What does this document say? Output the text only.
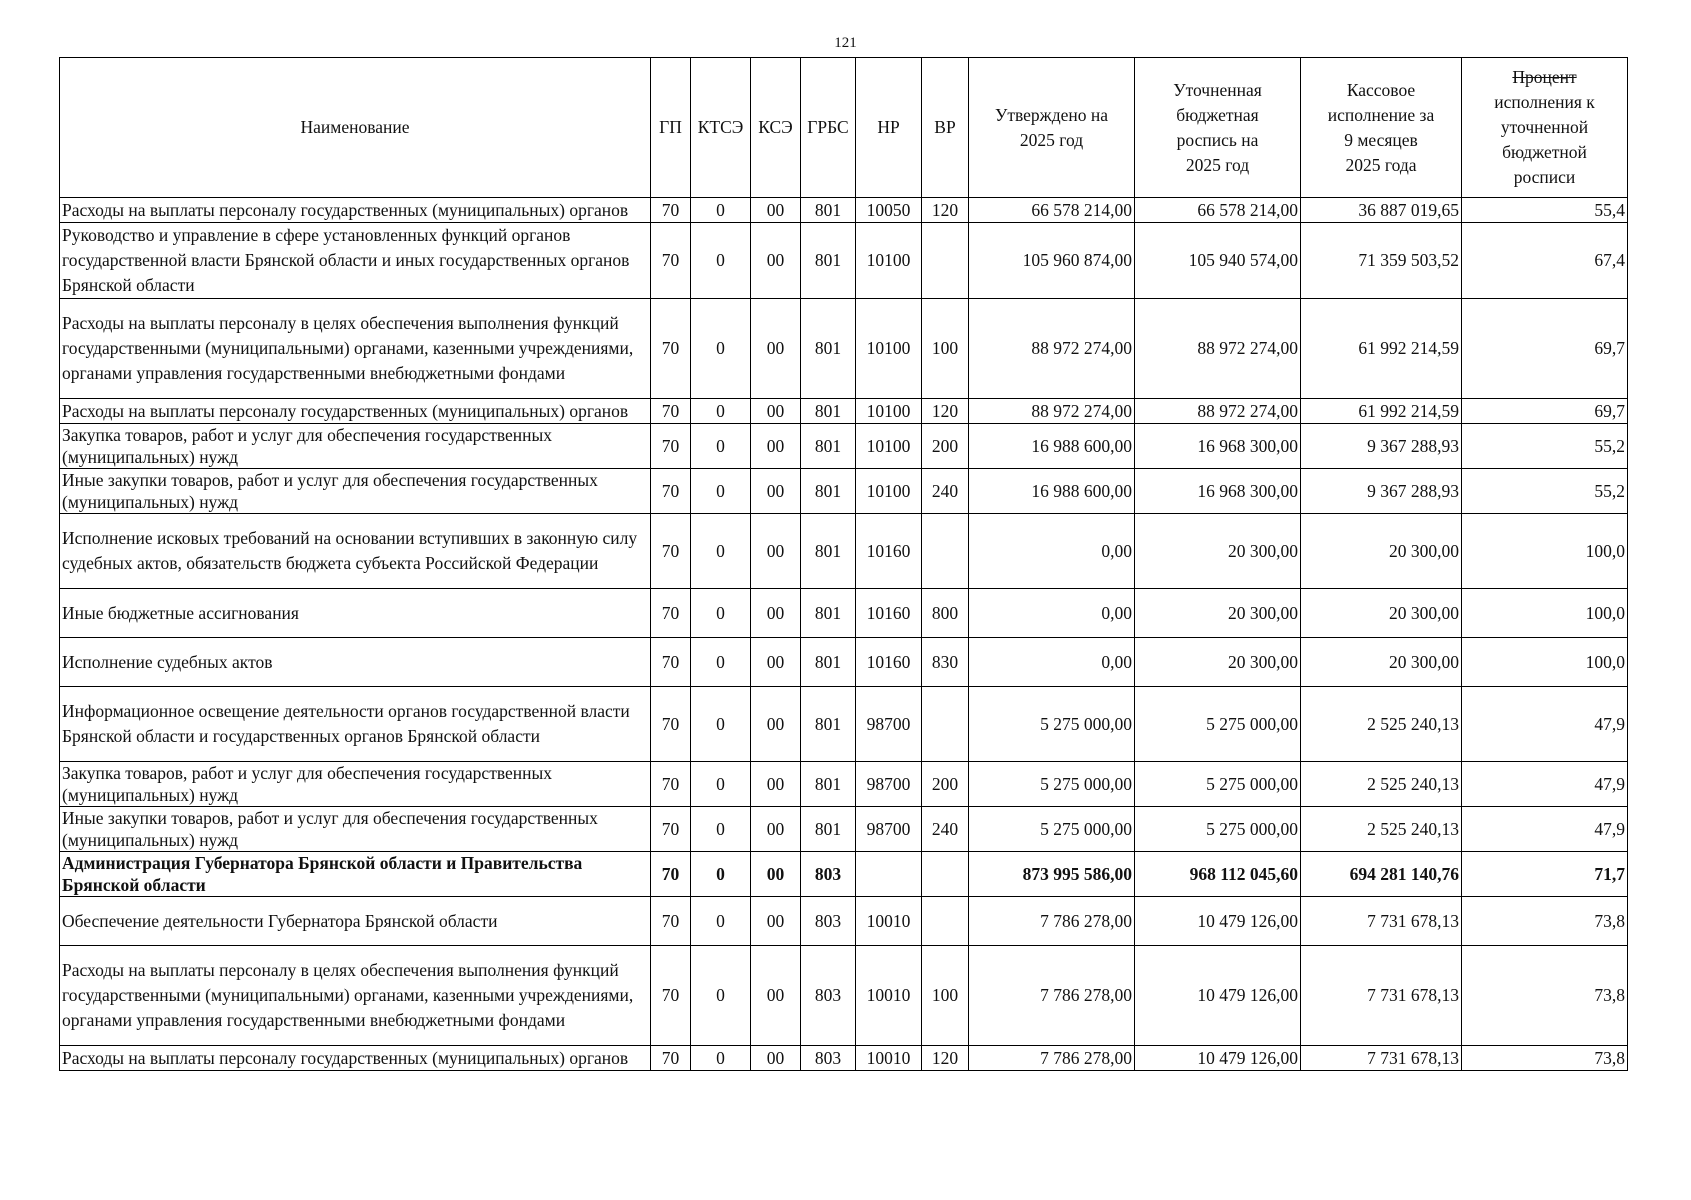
121
Наименование	ГП	КТСЭ	КСЭ	ГРБС	НР	ВР	Утверждено на 2025 год	Уточненная бюджетная роспись на 2025 год	Кассовое исполнение за 9 месяцев 2025 года	Процент исполнения к уточненной бюджетной росписи
Расходы на выплаты персоналу государственных (муниципальных) органов	70	0	00	801	10050	120	66 578 214,00	66 578 214,00	36 887 019,65	55,4
Руководство и управление в сфере установленных функций органов государственной власти Брянской области и иных государственных органов Брянской области	70	0	00	801	10100		105 960 874,00	105 940 574,00	71 359 503,52	67,4
Расходы на выплаты персоналу в целях обеспечения выполнения функций государственными (муниципальными) органами, казенными учреждениями, органами управления государственными внебюджетными фондами	70	0	00	801	10100	100	88 972 274,00	88 972 274,00	61 992 214,59	69,7
Расходы на выплаты персоналу государственных (муниципальных) органов	70	0	00	801	10100	120	88 972 274,00	88 972 274,00	61 992 214,59	69,7
Закупка товаров, работ и услуг для обеспечения государственных (муниципальных) нужд	70	0	00	801	10100	200	16 988 600,00	16 968 300,00	9 367 288,93	55,2
Иные закупки товаров, работ и услуг для обеспечения государственных (муниципальных) нужд	70	0	00	801	10100	240	16 988 600,00	16 968 300,00	9 367 288,93	55,2
Исполнение исковых требований на основании вступивших в законную силу судебных актов, обязательств бюджета субъекта Российской Федерации	70	0	00	801	10160		0,00	20 300,00	20 300,00	100,0
Иные бюджетные ассигнования	70	0	00	801	10160	800	0,00	20 300,00	20 300,00	100,0
Исполнение судебных актов	70	0	00	801	10160	830	0,00	20 300,00	20 300,00	100,0
Информационное освещение деятельности органов государственной власти Брянской области и государственных органов Брянской области	70	0	00	801	98700		5 275 000,00	5 275 000,00	2 525 240,13	47,9
Закупка товаров, работ и услуг для обеспечения государственных (муниципальных) нужд	70	0	00	801	98700	200	5 275 000,00	5 275 000,00	2 525 240,13	47,9
Иные закупки товаров, работ и услуг для обеспечения государственных (муниципальных) нужд	70	0	00	801	98700	240	5 275 000,00	5 275 000,00	2 525 240,13	47,9
Администрация Губернатора Брянской области и Правительства Брянской области	70	0	00	803			873 995 586,00	968 112 045,60	694 281 140,76	71,7
Обеспечение деятельности Губернатора Брянской области	70	0	00	803	10010		7 786 278,00	10 479 126,00	7 731 678,13	73,8
Расходы на выплаты персоналу в целях обеспечения выполнения функций государственными (муниципальными) органами, казенными учреждениями, органами управления государственными внебюджетными фондами	70	0	00	803	10010	100	7 786 278,00	10 479 126,00	7 731 678,13	73,8
Расходы на выплаты персоналу государственных (муниципальных) органов	70	0	00	803	10010	120	7 786 278,00	10 479 126,00	7 731 678,13	73,8
